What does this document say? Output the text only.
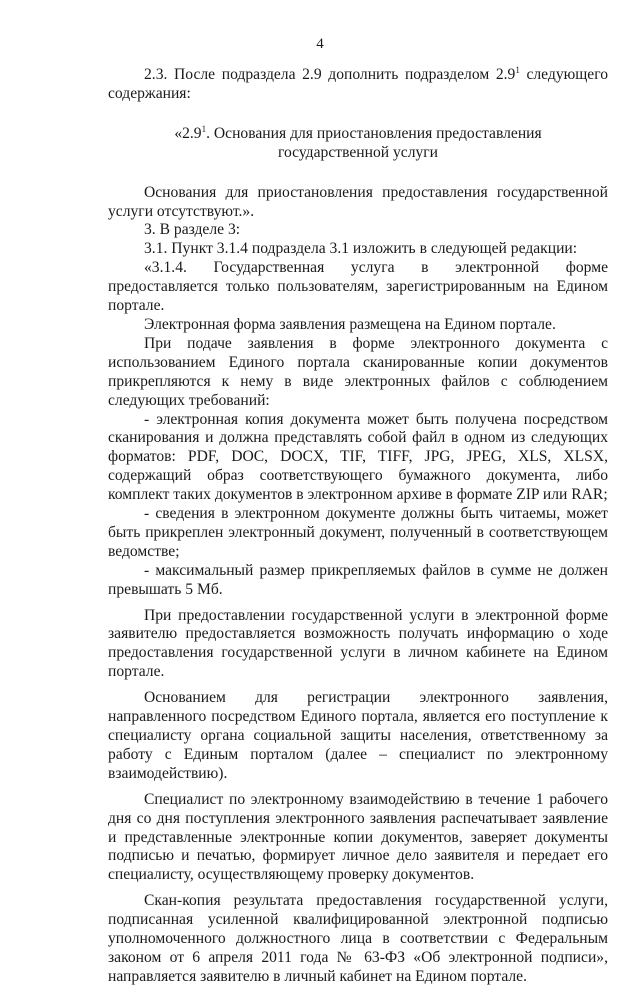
4

2.3. После подраздела 2.9 дополнить подразделом $2.9^1$ следующего содержания:

«$2.9^1$. Основания для приостановления предоставления государственной услуги

Основания для приостановления предоставления государственной услуги отсутствуют.».

3. В разделе 3:

3.1. Пункт 3.1.4 подраздела 3.1 изложить в следующей редакции:

«3.1.4. Государственная услуга в электронной форме предоставляется только пользователям, зарегистрированным на Едином портале.

Электронная форма заявления размещена на Едином портале.

При подаче заявления в форме электронного документа с использованием Единого портала сканированные копии документов прикрепляются к нему в виде электронных файлов с соблюдением следующих требований:

- электронная копия документа может быть получена посредством сканирования и должна представлять собой файл в одном из следующих форматов: PDF, DOC, DOCX, TIF, TIFF, JPG, JPEG, XLS, XLSX, содержащий образ соответствующего бумажного документа, либо комплект таких документов в электронном архиве в формате ZIP или RAR;

- сведения в электронном документе должны быть читаемы, может быть прикреплен электронный документ, полученный в соответствующем ведомстве;

- максимальный размер прикрепляемых файлов в сумме не должен превышать 5 Мб.

При предоставлении государственной услуги в электронной форме заявителю предоставляется возможность получать информацию о ходе предоставления государственной услуги в личном кабинете на Едином портале.

Основанием для регистрации электронного заявления, направленного посредством Единого портала, является его поступление к специалисту органа социальной защиты населения, ответственному за работу с Единым порталом (далее – специалист по электронному взаимодействию).

Специалист по электронному взаимодействию в течение 1 рабочего дня со дня поступления электронного заявления распечатывает заявление и представленные электронные копии документов, заверяет документы подписью и печатью, формирует личное дело заявителя и передает его специалисту, осуществляющему проверку документов.

Скан-копия результата предоставления государственной услуги, подписанная усиленной квалифицированной электронной подписью уполномоченного должностного лица в соответствии с Федеральным законом от 6 апреля 2011 года № 63-ФЗ «Об электронной подписи», направляется заявителю в личный кабинет на Едином портале.
